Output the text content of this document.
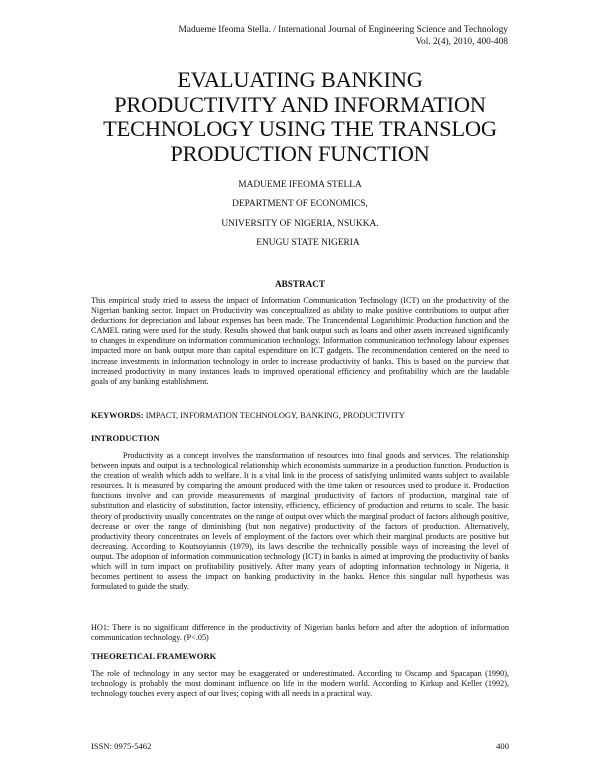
Madueme Ifeoma Stella. / International Journal of Engineering Science and Technology
Vol. 2(4), 2010, 400-408
EVALUATING BANKING
PRODUCTIVITY AND INFORMATION
TECHNOLOGY USING THE TRANSLOG
PRODUCTION FUNCTION
MADUEME IFEOMA STELLA
DEPARTMENT OF ECONOMICS,
UNIVERSITY OF NIGERIA, NSUKKA.
ENUGU STATE NIGERIA
ABSTRACT

This empirical study tried to assess the impact of Information Communication Technology (ICT) on the productivity of the Nigerian banking sector. Impact on Productivity was conceptualized as ability to make positive contributions to output after deductions for depreciation and labour expenses has been made. The Trancendental Logarithimic Production function and the CAMEL rating were used for the study. Results showed that bank output such as loans and other assets increased significantly to changes in expenditure on information communication technology. Information communication technology labour expenses impacted more on bank output more than capital expenditure on ICT gadgets. The recommendation centered on the need to increase investments in information technology in order to increase productivity of banks. This is based on the purview that increased productivity in many instances leads to improved operational efficiency and profitability which are the laudable goals of any banking establishment.

KEYWORDS: IMPACT, INFORMATION TECHNOLOGY, BANKING, PRODUCTIVITY
INTRODUCTION

Productivity as a concept involves the transformation of resources into final goods and services. The relationship between inputs and output is a technological relationship which economists summarize in a production function. Production is the creation of wealth which adds to welfare. It is a vital link in the process of satisfying unlimited wants subject to available resources. It is measured by comparing the amount produced with the time taken or resources used to produce it. Production functions involve and can provide measurements of marginal productivity of factors of production, marginal rate of substitution and elasticity of substitution, factor intensity, efficiency, efficiency of production and returns to scale. The basic theory of productivity usually concentrates on the range of output over which the marginal product of factors although positive, decrease or over the range of diminishing (but non negative) productivity of the factors of production. Alternatively, productivity theory concentrates on levels of employment of the factors over which their marginal products are positive but decreasing. According to Koutsoyiannis (1979), its laws describe the technically possible ways of increasing the level of output. The adoption of information communication technology (ICT) in banks is aimed at improving the productivity of banks which will in turn impact on profitability positively. After many years of adopting information technology in Nigeria, it becomes pertinent to assess the impact on banking productivity in the banks. Hence this singular null hypothesis was formulated to guide the study.

HO1: There is no significant difference in the productivity of Nigerian banks before and after the adoption of information communication technology. (P<.05)

THEORETICAL FRAMEWORK

The role of technology in any sector may be exaggerated or underestimated. According to Oscamp and Spacapan (1990), technology is probably the most dominant influence on life in the modern world. According to Kirkup and Keller (1992), technology touches every aspect of our lives; coping with all needs in a practical way.

ISSN: 0975-5462	400
